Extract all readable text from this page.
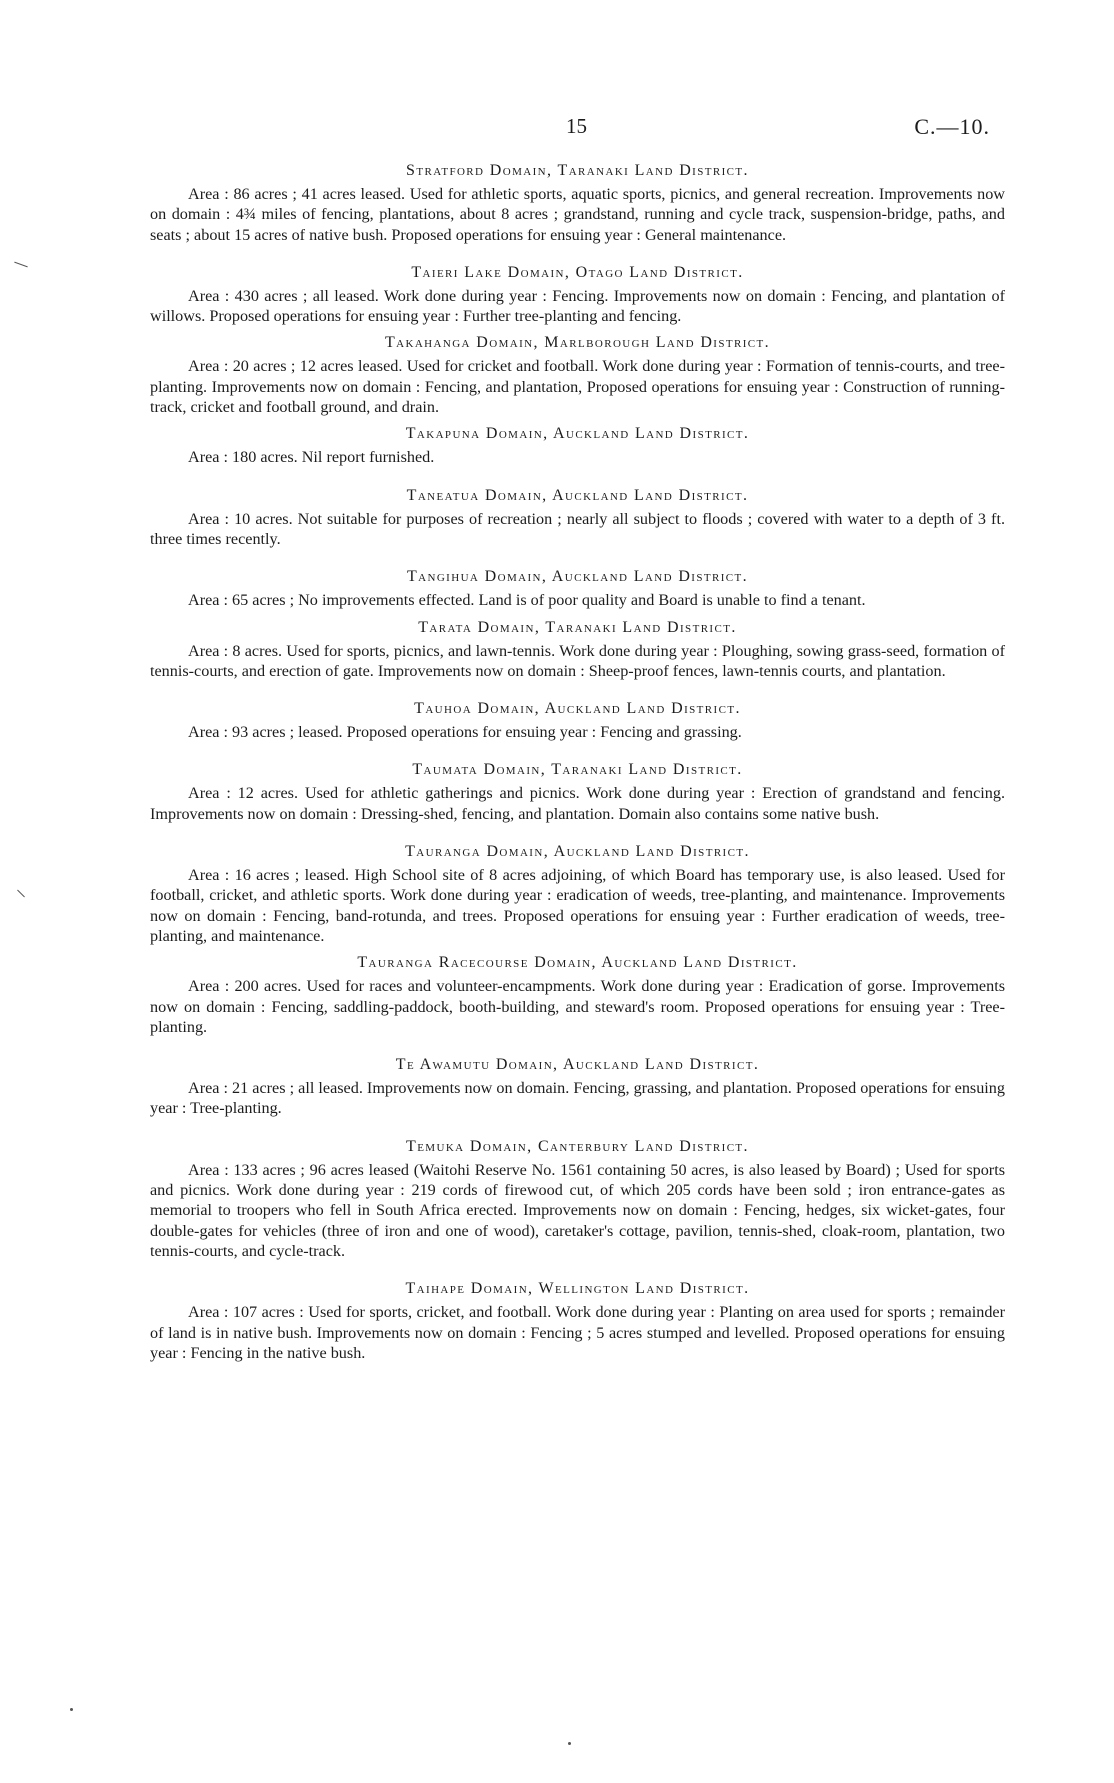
15	C.—10.
Stratford Domain, Taranaki Land District.

Area : 86 acres ; 41 acres leased. Used for athletic sports, aquatic sports, picnics, and general recreation. Improvements now on domain : 4¾ miles of fencing, plantations, about 8 acres ; grandstand, running and cycle track, suspension-bridge, paths, and seats ; about 15 acres of native bush. Proposed operations for ensuing year : General maintenance.

Taieri Lake Domain, Otago Land District.

Area : 430 acres ; all leased. Work done during year : Fencing. Improvements now on domain : Fencing, and plantation of willows. Proposed operations for ensuing year : Further tree-planting and fencing.

Takahanga Domain, Marlborough Land District.

Area : 20 acres ; 12 acres leased. Used for cricket and football. Work done during year : Formation of tennis-courts, and tree-planting. Improvements now on domain : Fencing, and plantation, Proposed operations for ensuing year : Construction of running-track, cricket and football ground, and drain.

Takapuna Domain, Auckland Land District.

Area : 180 acres. Nil report furnished.

Taneatua Domain, Auckland Land District.

Area : 10 acres. Not suitable for purposes of recreation ; nearly all subject to floods ; covered with water to a depth of 3 ft. three times recently.

Tangihua Domain, Auckland Land District.

Area : 65 acres ; No improvements effected. Land is of poor quality and Board is unable to find a tenant.

Tarata Domain, Taranaki Land District.

Area : 8 acres. Used for sports, picnics, and lawn-tennis. Work done during year : Ploughing, sowing grass-seed, formation of tennis-courts, and erection of gate. Improvements now on domain : Sheep-proof fences, lawn-tennis courts, and plantation.

Tauhoa Domain, Auckland Land District.

Area : 93 acres ; leased. Proposed operations for ensuing year : Fencing and grassing.

Taumata Domain, Taranaki Land District.

Area : 12 acres. Used for athletic gatherings and picnics. Work done during year : Erection of grandstand and fencing. Improvements now on domain : Dressing-shed, fencing, and plantation. Domain also contains some native bush.

Tauranga Domain, Auckland Land District.

Area : 16 acres ; leased. High School site of 8 acres adjoining, of which Board has temporary use, is also leased. Used for football, cricket, and athletic sports. Work done during year : eradication of weeds, tree-planting, and maintenance. Improvements now on domain : Fencing, band-rotunda, and trees. Proposed operations for ensuing year : Further eradication of weeds, tree-planting, and maintenance.

Tauranga Racecourse Domain, Auckland Land District.

Area : 200 acres. Used for races and volunteer-encampments. Work done during year : Eradication of gorse. Improvements now on domain : Fencing, saddling-paddock, booth-building, and steward's room. Proposed operations for ensuing year : Tree-planting.

Te Awamutu Domain, Auckland Land District.

Area : 21 acres ; all leased. Improvements now on domain. Fencing, grassing, and plantation. Proposed operations for ensuing year : Tree-planting.

Temuka Domain, Canterbury Land District.

Area : 133 acres ; 96 acres leased (Waitohi Reserve No. 1561 containing 50 acres, is also leased by Board) ; Used for sports and picnics. Work done during year : 219 cords of firewood cut, of which 205 cords have been sold ; iron entrance-gates as memorial to troopers who fell in South Africa erected. Improvements now on domain : Fencing, hedges, six wicket-gates, four double-gates for vehicles (three of iron and one of wood), caretaker's cottage, pavilion, tennis-shed, cloak-room, plantation, two tennis-courts, and cycle-track.

Taihape Domain, Wellington Land District.

Area : 107 acres : Used for sports, cricket, and football. Work done during year : Planting on area used for sports ; remainder of land is in native bush. Improvements now on domain : Fencing ; 5 acres stumped and levelled. Proposed operations for ensuing year : Fencing in the native bush.
